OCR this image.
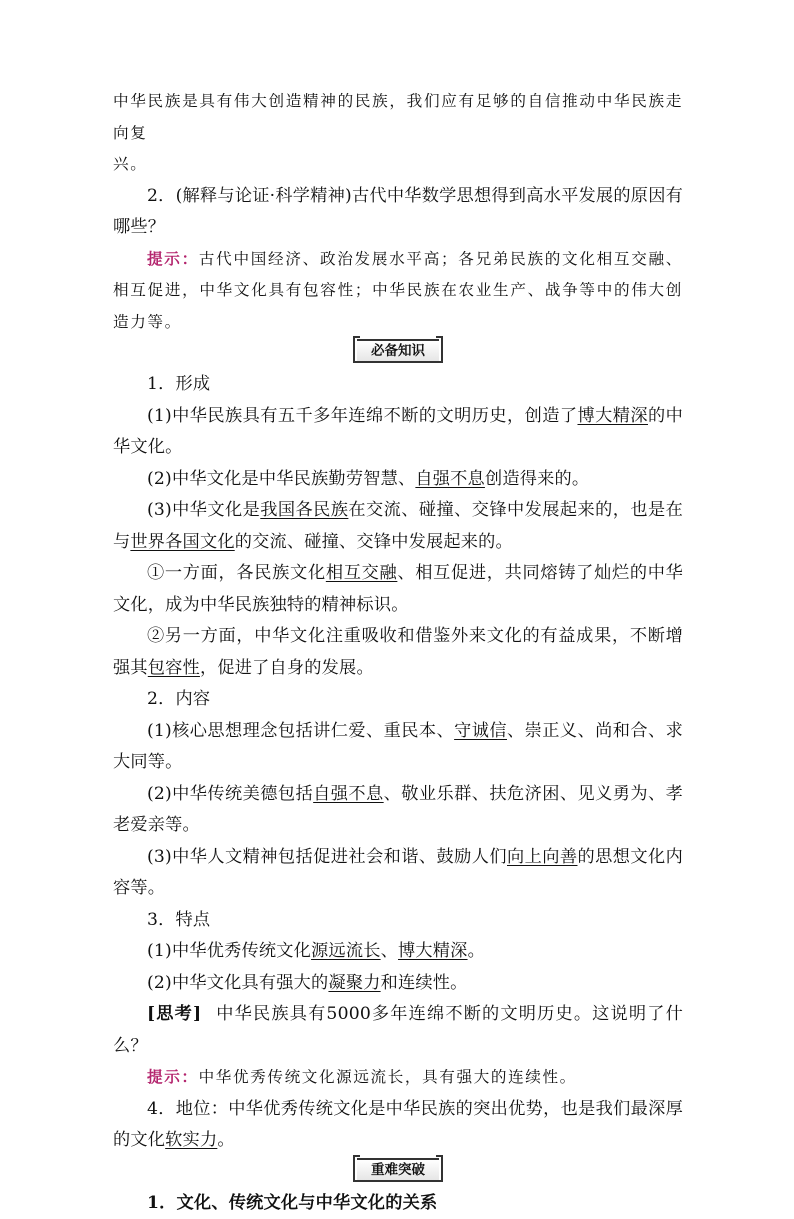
中华民族是具有伟大创造精神的民族，我们应有足够的自信推动中华民族走向复
兴。

2．(解释与论证·科学精神)古代中华数学思想得到高水平发展的原因有哪些？

提示：古代中国经济、政治发展水平高；各兄弟民族的文化相互交融、相互促进，中华文化具有包容性；中华民族在农业生产、战争等中的伟大创造力等。

必备知识

1．形成

(1)中华民族具有五千多年连绵不断的文明历史，创造了博大精深的中华文化。

(2)中华文化是中华民族勤劳智慧、自强不息创造得来的。

(3)中华文化是我国各民族在交流、碰撞、交锋中发展起来的，也是在与世界各国文化的交流、碰撞、交锋中发展起来的。

①一方面，各民族文化相互交融、相互促进，共同熔铸了灿烂的中华文化，成为中华民族独特的精神标识。

②另一方面，中华文化注重吸收和借鉴外来文化的有益成果，不断增强其包容性，促进了自身的发展。

2．内容

(1)核心思想理念包括讲仁爱、重民本、守诚信、崇正义、尚和合、求大同等。

(2)中华传统美德包括自强不息、敬业乐群、扶危济困、见义勇为、孝老爱亲等。

(3)中华人文精神包括促进社会和谐、鼓励人们向上向善的思想文化内容等。

3．特点

(1)中华优秀传统文化源远流长、博大精深。

(2)中华文化具有强大的凝聚力和连续性。

[思考] 中华民族具有5000多年连绵不断的文明历史。这说明了什么？

提示：中华优秀传统文化源远流长，具有强大的连续性。

4．地位：中华优秀传统文化是中华民族的突出优势，也是我们最深厚的文化软实力。

重难突破

1．文化、传统文化与中华文化的关系
